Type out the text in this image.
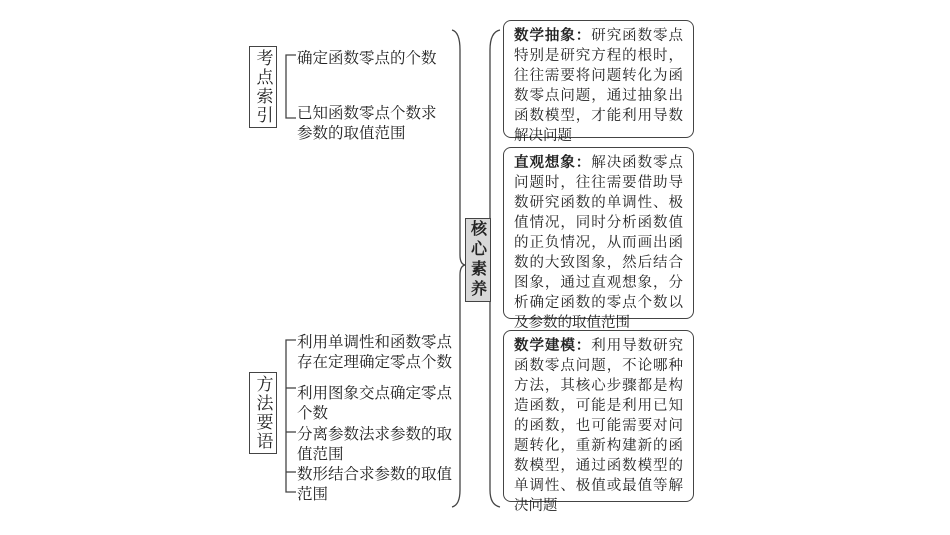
考点索引 确定函数零点的个数
已知函数零点个数求参数的取值范围
方法要语
利用单调性和函数零点存在定理确定零点个数
利用图象交点确定零点个数
分离参数法求参数的取值范围
数形结合求参数的取值范围
核心素养
数学抽象：研究函数零点特别是研究方程的根时，往往需要将问题转化为函数零点问题，通过抽象出函数模型，才能利用导数解决问题
直观想象：解决函数零点问题时，往往需要借助导数研究函数的单调性、极值情况，同时分析函数值的正负情况，从而画出函数的大致图象，然后结合图象，通过直观想象，分析确定函数的零点个数以及参数的取值范围
数学建模：利用导数研究函数零点问题，不论哪种方法，其核心步骤都是构造函数，可能是利用已知的函数，也可能需要对问题转化，重新构建新的函数模型，通过函数模型的单调性、极值或最值等解决问题
